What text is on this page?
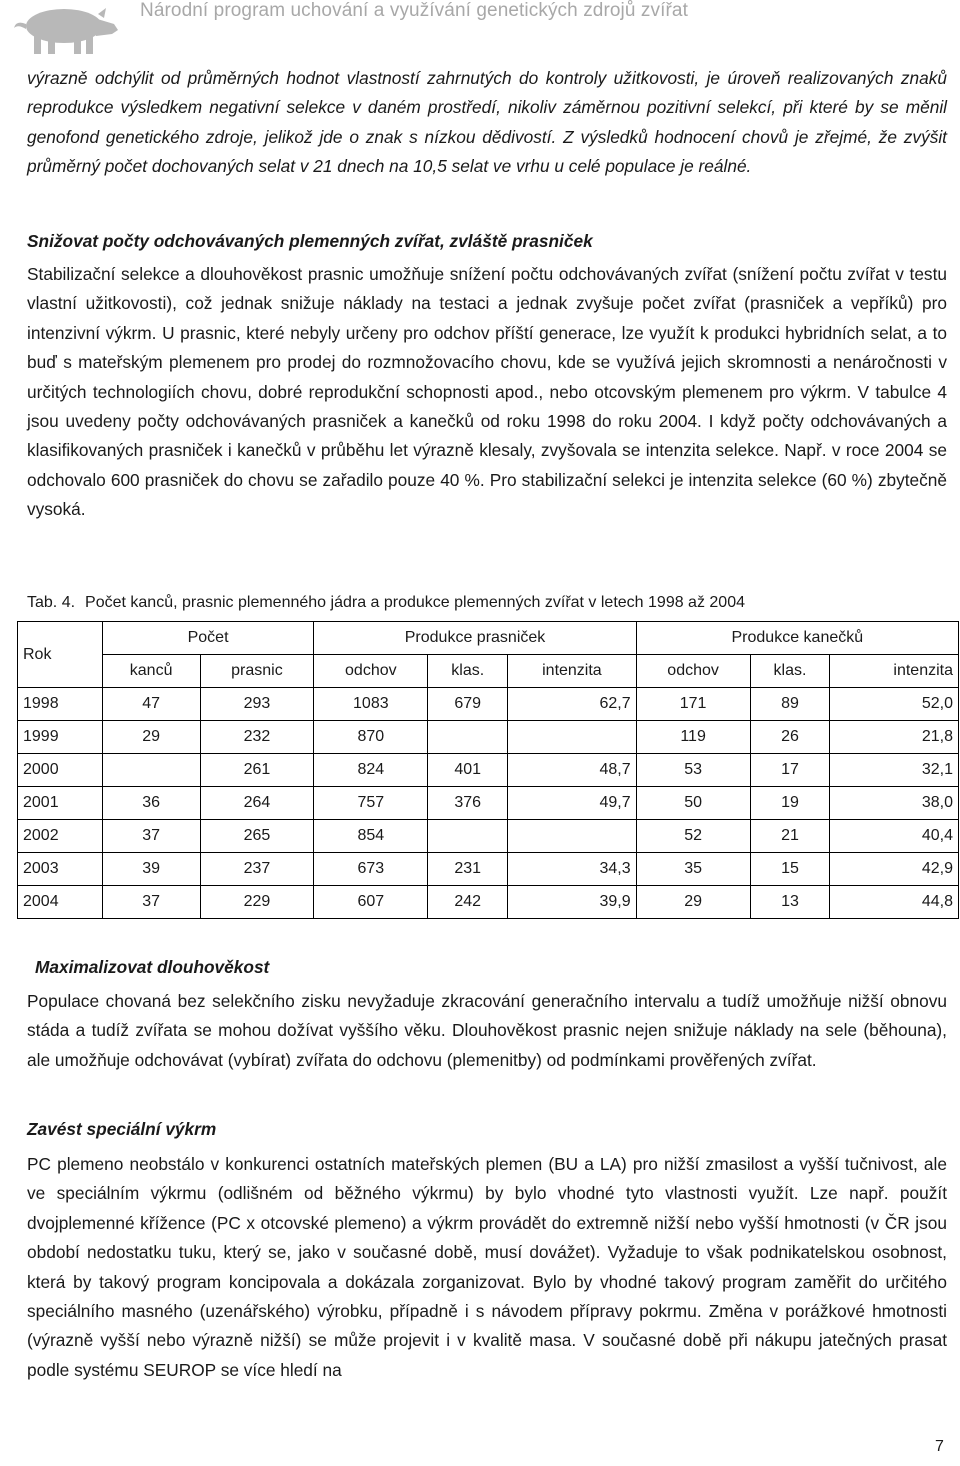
Národní program uchování a využívání genetických zdrojů zvířat

výrazně odchýlit od průměrných hodnot vlastností zahrnutých do kontroly užitkovosti, je úroveň realizovaných znaků reprodukce výsledkem negativní selekce v daném prostředí, nikoliv záměrnou pozitivní selekcí, při které by se měnil genofond genetického zdroje, jelikož jde o znak s nízkou dědivostí. Z výsledků hodnocení chovů je zřejmé, že zvýšit průměrný počet dochovaných selat v 21 dnech na 10,5 selat ve vrhu u celé populace je reálné.

Snižovat počty odchovávaných plemenných zvířat, zvláště prasniček

Stabilizační selekce a dlouhověkost prasnic umožňuje snížení počtu odchovávaných zvířat (snížení počtu zvířat v testu vlastní užitkovosti), což jednak snižuje náklady na testaci a jednak zvyšuje počet zvířat (prasniček a vepříků) pro intenzivní výkrm. U prasnic, které nebyly určeny pro odchov příští generace, lze využít k produkci hybridních selat, a to buď s mateřským plemenem pro prodej do rozmnožovacího chovu, kde se využívá jejich skromnosti a nenáročnosti v určitých technologiích chovu, dobré reprodukční schopnosti apod., nebo otcovským plemenem pro výkrm. V tabulce 4 jsou uvedeny počty odchovávaných prasniček a kanečků od roku 1998 do roku 2004. I když počty odchovávaných a klasifikovaných prasniček i kanečků v průběhu let výrazně klesaly, zvyšovala se intenzita selekce. Např. v roce 2004 se odchovalo 600 prasniček do chovu se zařadilo pouze 40 %. Pro stabilizační selekci je intenzita selekce (60 %) zbytečně vysoká.

Tab. 4. Počet kanců, prasnic plemenného jádra a produkce plemenných zvířat v letech 1998 až 2004
Rok	Počet		Produkce prasniček			Produkce kanečků		
	kanců	prasnic	odchov	klas.	intenzita	odchov	klas.	intenzita
1998	47	293	1083	679	62,7	171	89	52,0
1999	29	232	870			119	26	21,8
2000		261	824	401	48,7	53	17	32,1
2001	36	264	757	376	49,7	50	19	38,0
2002	37	265	854			52	21	40,4
2003	39	237	673	231	34,3	35	15	42,9
2004	37	229	607	242	39,9	29	13	44,8

Maximalizovat dlouhověkost

Populace chovaná bez selekčního zisku nevyžaduje zkracování generačního intervalu a tudíž umožňuje nižší obnovu stáda a tudíž zvířata se mohou dožívat vyššího věku. Dlouhověkost prasnic nejen snižuje náklady na sele (běhouna), ale umožňuje odchovávat (vybírat) zvířata do odchovu (plemenitby) od podmínkami prověřených zvířat.

Zavést speciální výkrm

PC plemeno neobstálo v konkurenci ostatních mateřských plemen (BU a LA) pro nižší zmasilost a vyšší tučnivost, ale ve speciálním výkrmu (odlišném od běžného výkrmu) by bylo vhodné tyto vlastnosti využít. Lze např. použít dvojplemenné křížence (PC x otcovské plemeno) a výkrm provádět do extremně nižší nebo vyšší hmotnosti (v ČR jsou období nedostatku tuku, který se, jako v současné době, musí dovážet). Vyžaduje to však podnikatelskou osobnost, která by takový program koncipovala a dokázala zorganizovat. Bylo by vhodné takový program zaměřit do určitého speciálního masného (uzenářského) výrobku, případně i s návodem přípravy pokrmu. Změna v porážkové hmotnosti (výrazně vyšší nebo výrazně nižší) se může projevit i v kvalitě masa. V současné době při nákupu jatečných prasat podle systému SEUROP se více hledí na

7
